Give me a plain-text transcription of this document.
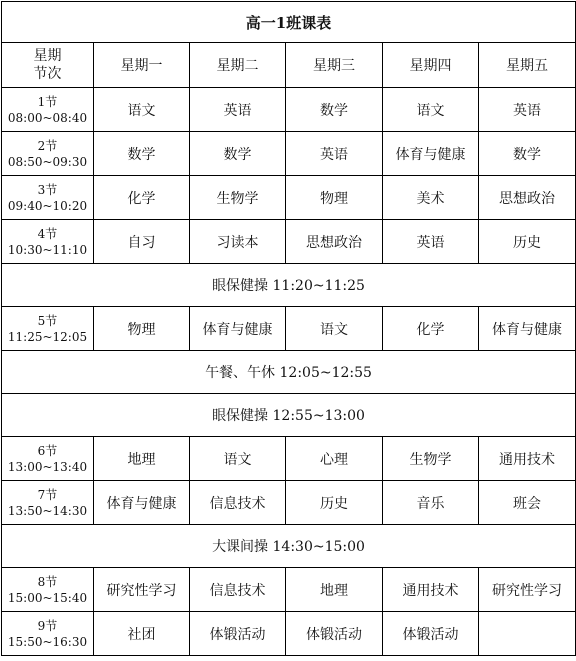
高一1班课表					

星期
节次	星期一	星期二	星期三	星期四	星期五

1节
08:00~08:40	语文	英语	数学	语文	英语

2节
08:50~09:30	数学	数学	英语	体育与健康	数学

3节
09:40~10:20	化学	生物学	物理	美术	思想政治

4节
10:30~11:10	自习	习读本	思想政治	英语	历史
眼保健操 11:20~11:25					

5节
11:25~12:05	物理	体育与健康	语文	化学	体育与健康
午餐、午休 12:05~12:55					
眼保健操 12:55~13:00					

6节
13:00~13:40	地理	语文	心理	生物学	通用技术

7节
13:50~14:30	体育与健康	信息技术	历史	音乐	班会
大课间操 14:30~15:00					

8节
15:00~15:40	研究性学习	信息技术	地理	通用技术	研究性学习

9节
15:50~16:30	社团	体锻活动	体锻活动	体锻活动	
